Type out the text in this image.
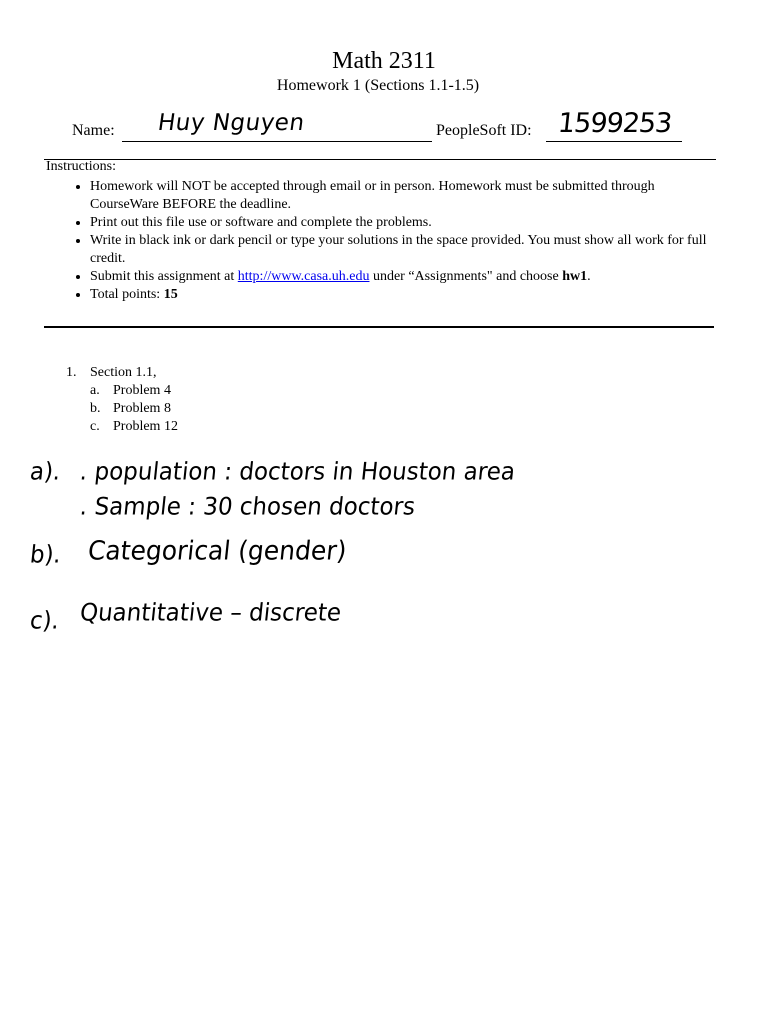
Math 2311
Homework 1 (Sections 1.1-1.5)
Name: Huy Nguyen	PeopleSoft ID: 1599253
Instructions:
• Homework will NOT be accepted through email or in person. Homework must be submitted through CourseWare BEFORE the deadline.
• Print out this file use or software and complete the problems.
• Write in black ink or dark pencil or type your solutions in the space provided. You must show all work for full credit.
• Submit this assignment at http://www.casa.uh.edu under “Assignments" and choose hw1.
• Total points: 15
1. Section 1.1,
a. Problem 4
b. Problem 8
c. Problem 12
a). . population : doctors in Houston area
. Sample : 30 chosen doctors
b). Categorical (gender)
c). Quantitative – discrete
